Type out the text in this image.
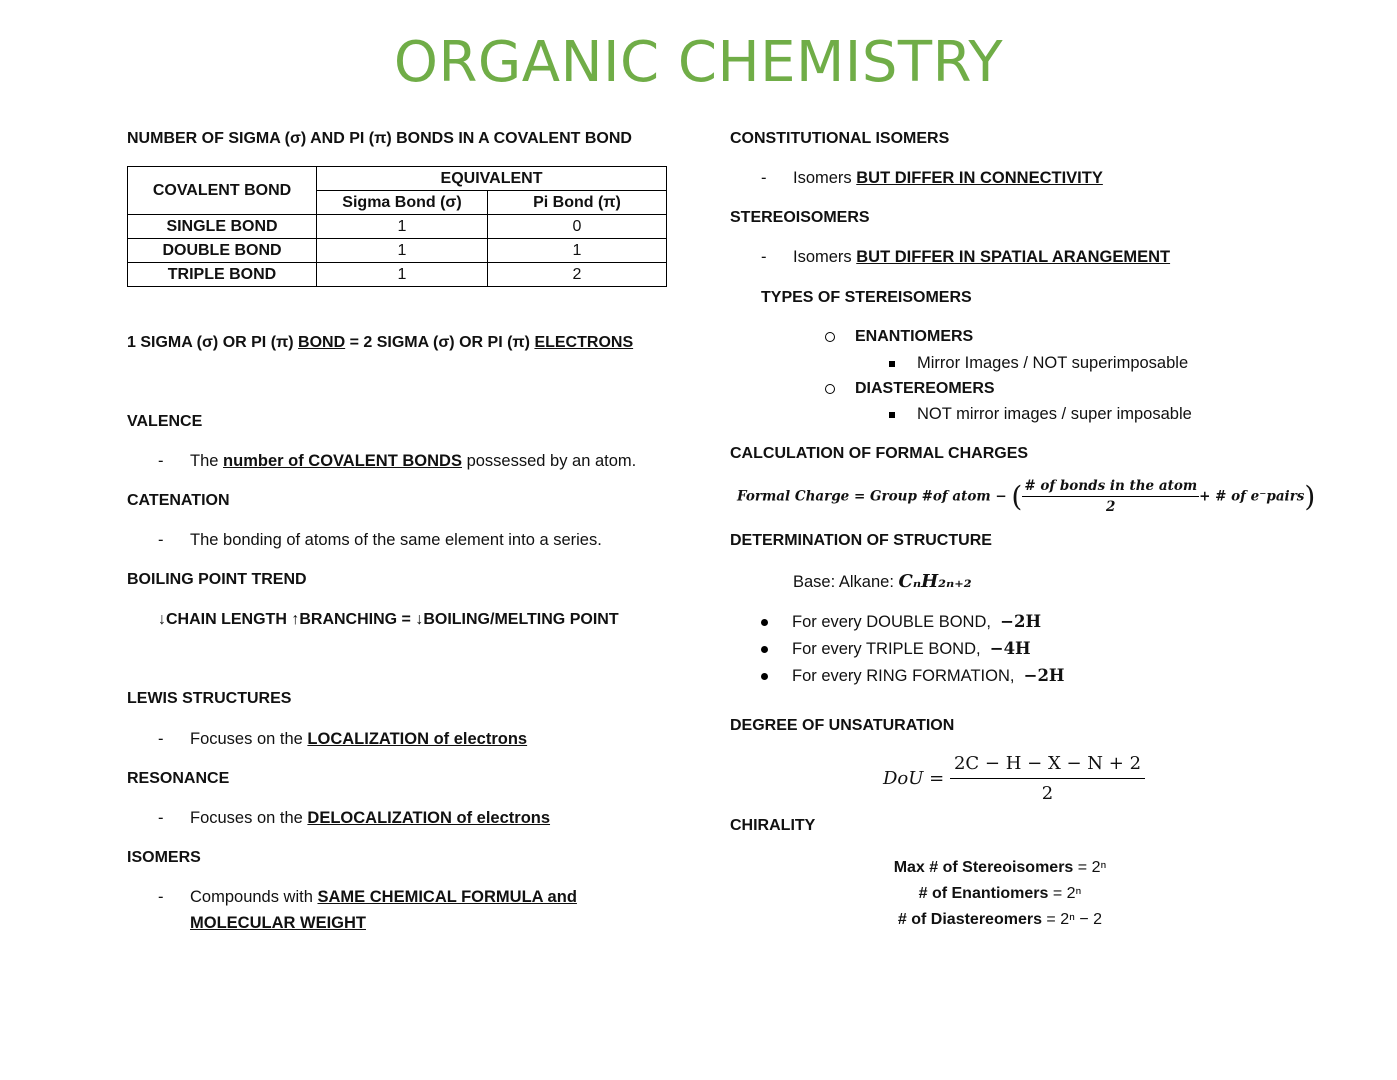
ORGANIC CHEMISTRY
NUMBER OF SIGMA (σ) AND PI (π) BONDS IN A COVALENT BOND
COVALENT BOND	EQUIVALENT	
	Sigma Bond (σ)	Pi Bond (π)
SINGLE BOND	1	0
DOUBLE BOND	1	1
TRIPLE BOND	1	2
1 SIGMA (σ) OR PI (π) BOND = 2 SIGMA (σ) OR PI (π) ELECTRONS
VALENCE
- The number of COVALENT BONDS possessed by an atom.
CATENATION
- The bonding of atoms of the same element into a series.
BOILING POINT TREND
↓CHAIN LENGTH ↑BRANCHING = ↓BOILING/MELTING POINT
LEWIS STRUCTURES
- Focuses on the LOCALIZATION of electrons
RESONANCE
- Focuses on the DELOCALIZATION of electrons
ISOMERS
- Compounds with SAME CHEMICAL FORMULA and
MOLECULAR WEIGHT
CONSTITUTIONAL ISOMERS
- Isomers BUT DIFFER IN CONNECTIVITY
STEREOISOMERS
- Isomers BUT DIFFER IN SPATIAL ARANGEMENT
TYPES OF STEREISOMERS
ENANTIOMERS
Mirror Images / NOT superimposable
DIASTEREOMERS
NOT mirror images / super imposable
CALCULATION OF FORMAL CHARGES
Formal Charge = Group #of atom − ( $\frac{\text{\# of bonds in the atom}}{2}$ + # of e⁻pairs)
DETERMINATION OF STRUCTURE
Base: Alkane: CₙH₂ₙ₊₂
For every DOUBLE BOND, −2H
For every TRIPLE BOND, −4H
For every RING FORMATION, −2H
DEGREE OF UNSATURATION
DoU = $\frac{2C - H - X - N + 2}{2}$
CHIRALITY
Max # of Stereoisomers = 2ⁿ
# of Enantiomers = 2ⁿ
# of Diastereomers = 2ⁿ − 2
